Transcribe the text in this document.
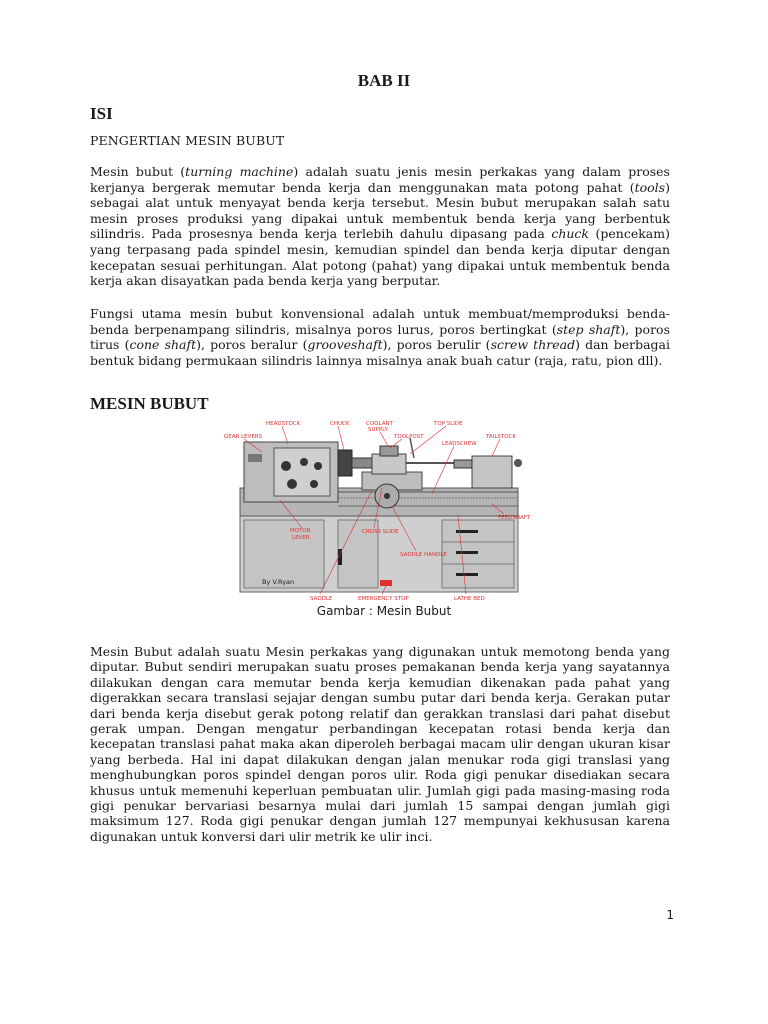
BAB II
ISI
PENGERTIAN MESIN BUBUT

Mesin bubut (turning machine) adalah suatu jenis mesin perkakas yang dalam proses kerjanya bergerak memutar benda kerja dan menggunakan mata potong pahat (tools) sebagai alat untuk menyayat benda kerja tersebut. Mesin bubut merupakan salah satu mesin proses produksi yang dipakai untuk membentuk benda kerja yang berbentuk silindris. Pada prosesnya benda kerja terlebih dahulu dipasang pada chuck (pencekam) yang terpasang pada spindel mesin, kemudian spindel dan benda kerja diputar dengan kecepatan sesuai perhitungan. Alat potong (pahat) yang dipakai untuk membentuk benda kerja akan disayatkan pada benda kerja yang berputar.

Fungsi utama mesin bubut konvensional adalah untuk membuat/memproduksi benda-benda berpenampang silindris, misalnya poros lurus, poros bertingkat (step shaft), poros tirus (cone shaft), poros beralur (grooveshaft), poros berulir (screw thread) dan berbagai bentuk bidang permukaan silindris lainnya misalnya anak buah catur (raja, ratu, pion dll).

MESIN BUBUT
HEADSTOCK	CHUCK	COOLANT
SUPPLY
TOP SLIDE
GEAR LEVERS	TOOLPOST
LEADSCREW
TAILSTOCK
FEEDSHAFT
MOTOR
LEVER
CROSS SLIDE
SADDLE HANDLE
SADDLE	EMERGENCY STOP	LATHE BED
By V.Ryan

Gambar : Mesin Bubut

Mesin Bubut adalah suatu Mesin perkakas yang digunakan untuk memotong benda yang diputar. Bubut sendiri merupakan suatu proses pemakanan benda kerja yang sayatannya dilakukan dengan cara memutar benda kerja kemudian dikenakan pada pahat yang digerakkan secara translasi sejajar dengan sumbu putar dari benda kerja. Gerakan putar dari benda kerja disebut gerak potong relatif dan gerakkan translasi dari pahat disebut gerak umpan. Dengan mengatur perbandingan kecepatan rotasi benda kerja dan kecepatan translasi pahat maka akan diperoleh berbagai macam ulir dengan ukuran kisar yang berbeda. Hal ini dapat dilakukan dengan jalan menukar roda gigi translasi yang menghubungkan poros spindel dengan poros ulir. Roda gigi penukar disediakan secara khusus untuk memenuhi keperluan pembuatan ulir. Jumlah gigi pada masing-masing roda gigi penukar bervariasi besarnya mulai dari jumlah 15 sampai dengan jumlah gigi maksimum 127. Roda gigi penukar dengan jumlah 127 mempunyai kekhususan karena digunakan untuk konversi dari ulir metrik ke ulir inci.

1
